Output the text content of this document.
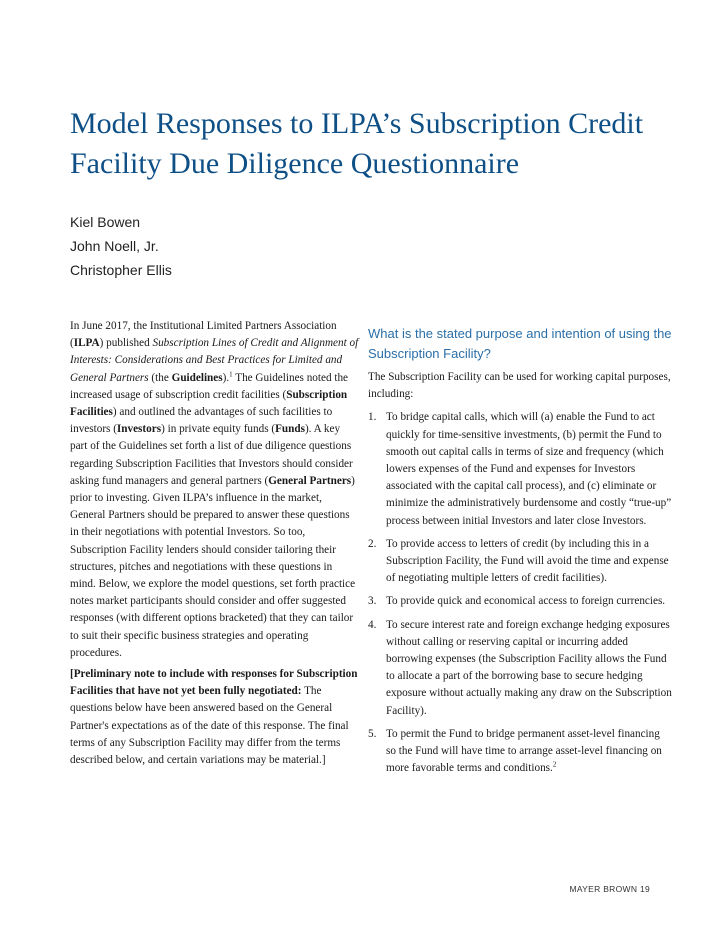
Model Responses to ILPA’s Subscription Credit Facility Due Diligence Questionnaire
Kiel Bowen
John Noell, Jr.
Christopher Ellis

In June 2017, the Institutional Limited Partners Association (ILPA) published Subscription Lines of Credit and Alignment of Interests: Considerations and Best Practices for Limited and General Partners (the Guidelines).$^1$ The Guidelines noted the increased usage of subscription credit facilities (Subscription Facilities) and outlined the advantages of such facilities to investors (Investors) in private equity funds (Funds). A key part of the Guidelines set forth a list of due diligence questions regarding Subscription Facilities that Investors should consider asking fund managers and general partners (General Partners) prior to investing. Given ILPA’s influence in the market, General Partners should be prepared to answer these questions in their negotiations with potential Investors. So too, Subscription Facility lenders should consider tailoring their structures, pitches and negotiations with these questions in mind. Below, we explore the model questions, set forth practice notes market participants should consider and offer suggested responses (with different options bracketed) that they can tailor to suit their specific business strategies and operating procedures.

[Preliminary note to include with responses for Subscription Facilities that have not yet been fully negotiated: The questions below have been answered based on the General Partner's expectations as of the date of this response. The final terms of any Subscription Facility may differ from the terms described below, and certain variations may be material.]

What is the stated purpose and intention of using the Subscription Facility?

The Subscription Facility can be used for working capital purposes, including:

1. To bridge capital calls, which will (a) enable the Fund to act quickly for time-sensitive investments, (b) permit the Fund to smooth out capital calls in terms of size and frequency (which lowers expenses of the Fund and expenses for Investors associated with the capital call process), and (c) eliminate or minimize the administratively burdensome and costly “true-up” process between initial Investors and later close Investors.
2. To provide access to letters of credit (by including this in a Subscription Facility, the Fund will avoid the time and expense of negotiating multiple letters of credit facilities).
3. To provide quick and economical access to foreign currencies.
4. To secure interest rate and foreign exchange hedging exposures without calling or reserving capital or incurring added borrowing expenses (the Subscription Facility allows the Fund to allocate a part of the borrowing base to secure hedging exposure without actually making any draw on the Subscription Facility).
5. To permit the Fund to bridge permanent asset-level financing so the Fund will have time to arrange asset-level financing on more favorable terms and conditions.$^2$
MAYER BROWN 19
